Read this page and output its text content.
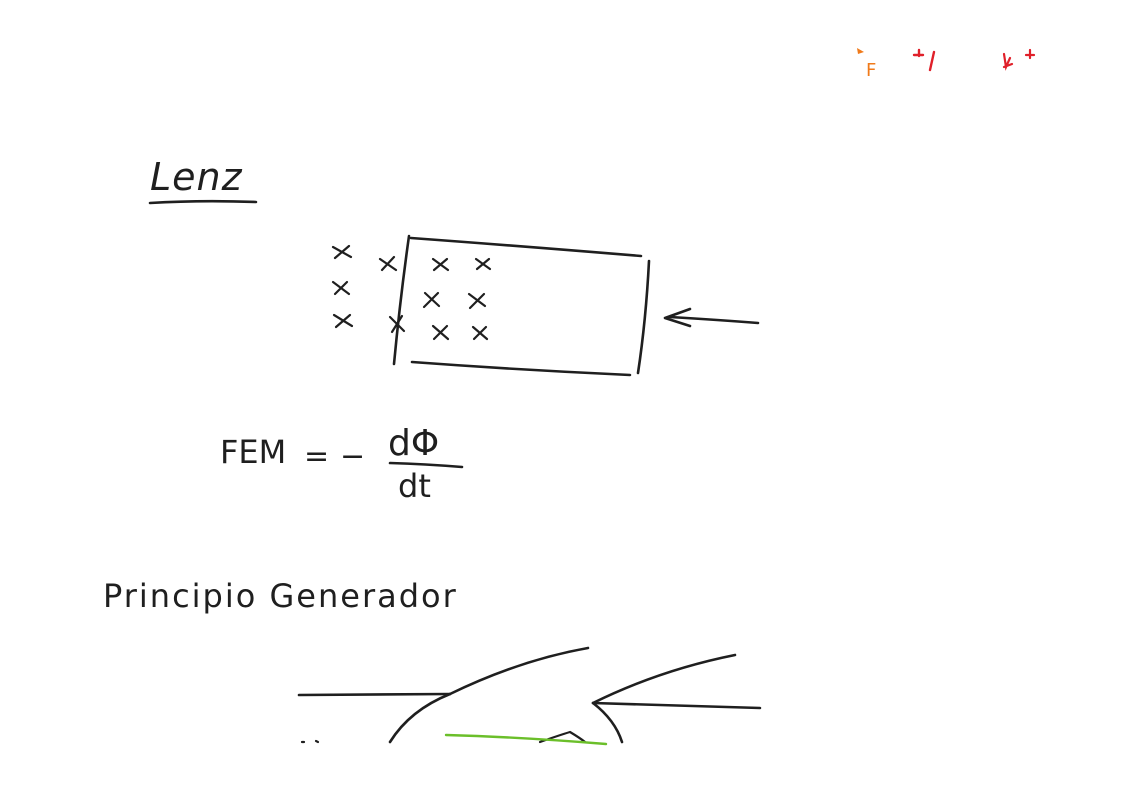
F
Lenz
FEM = − dΦ
dt
Principio Generador
